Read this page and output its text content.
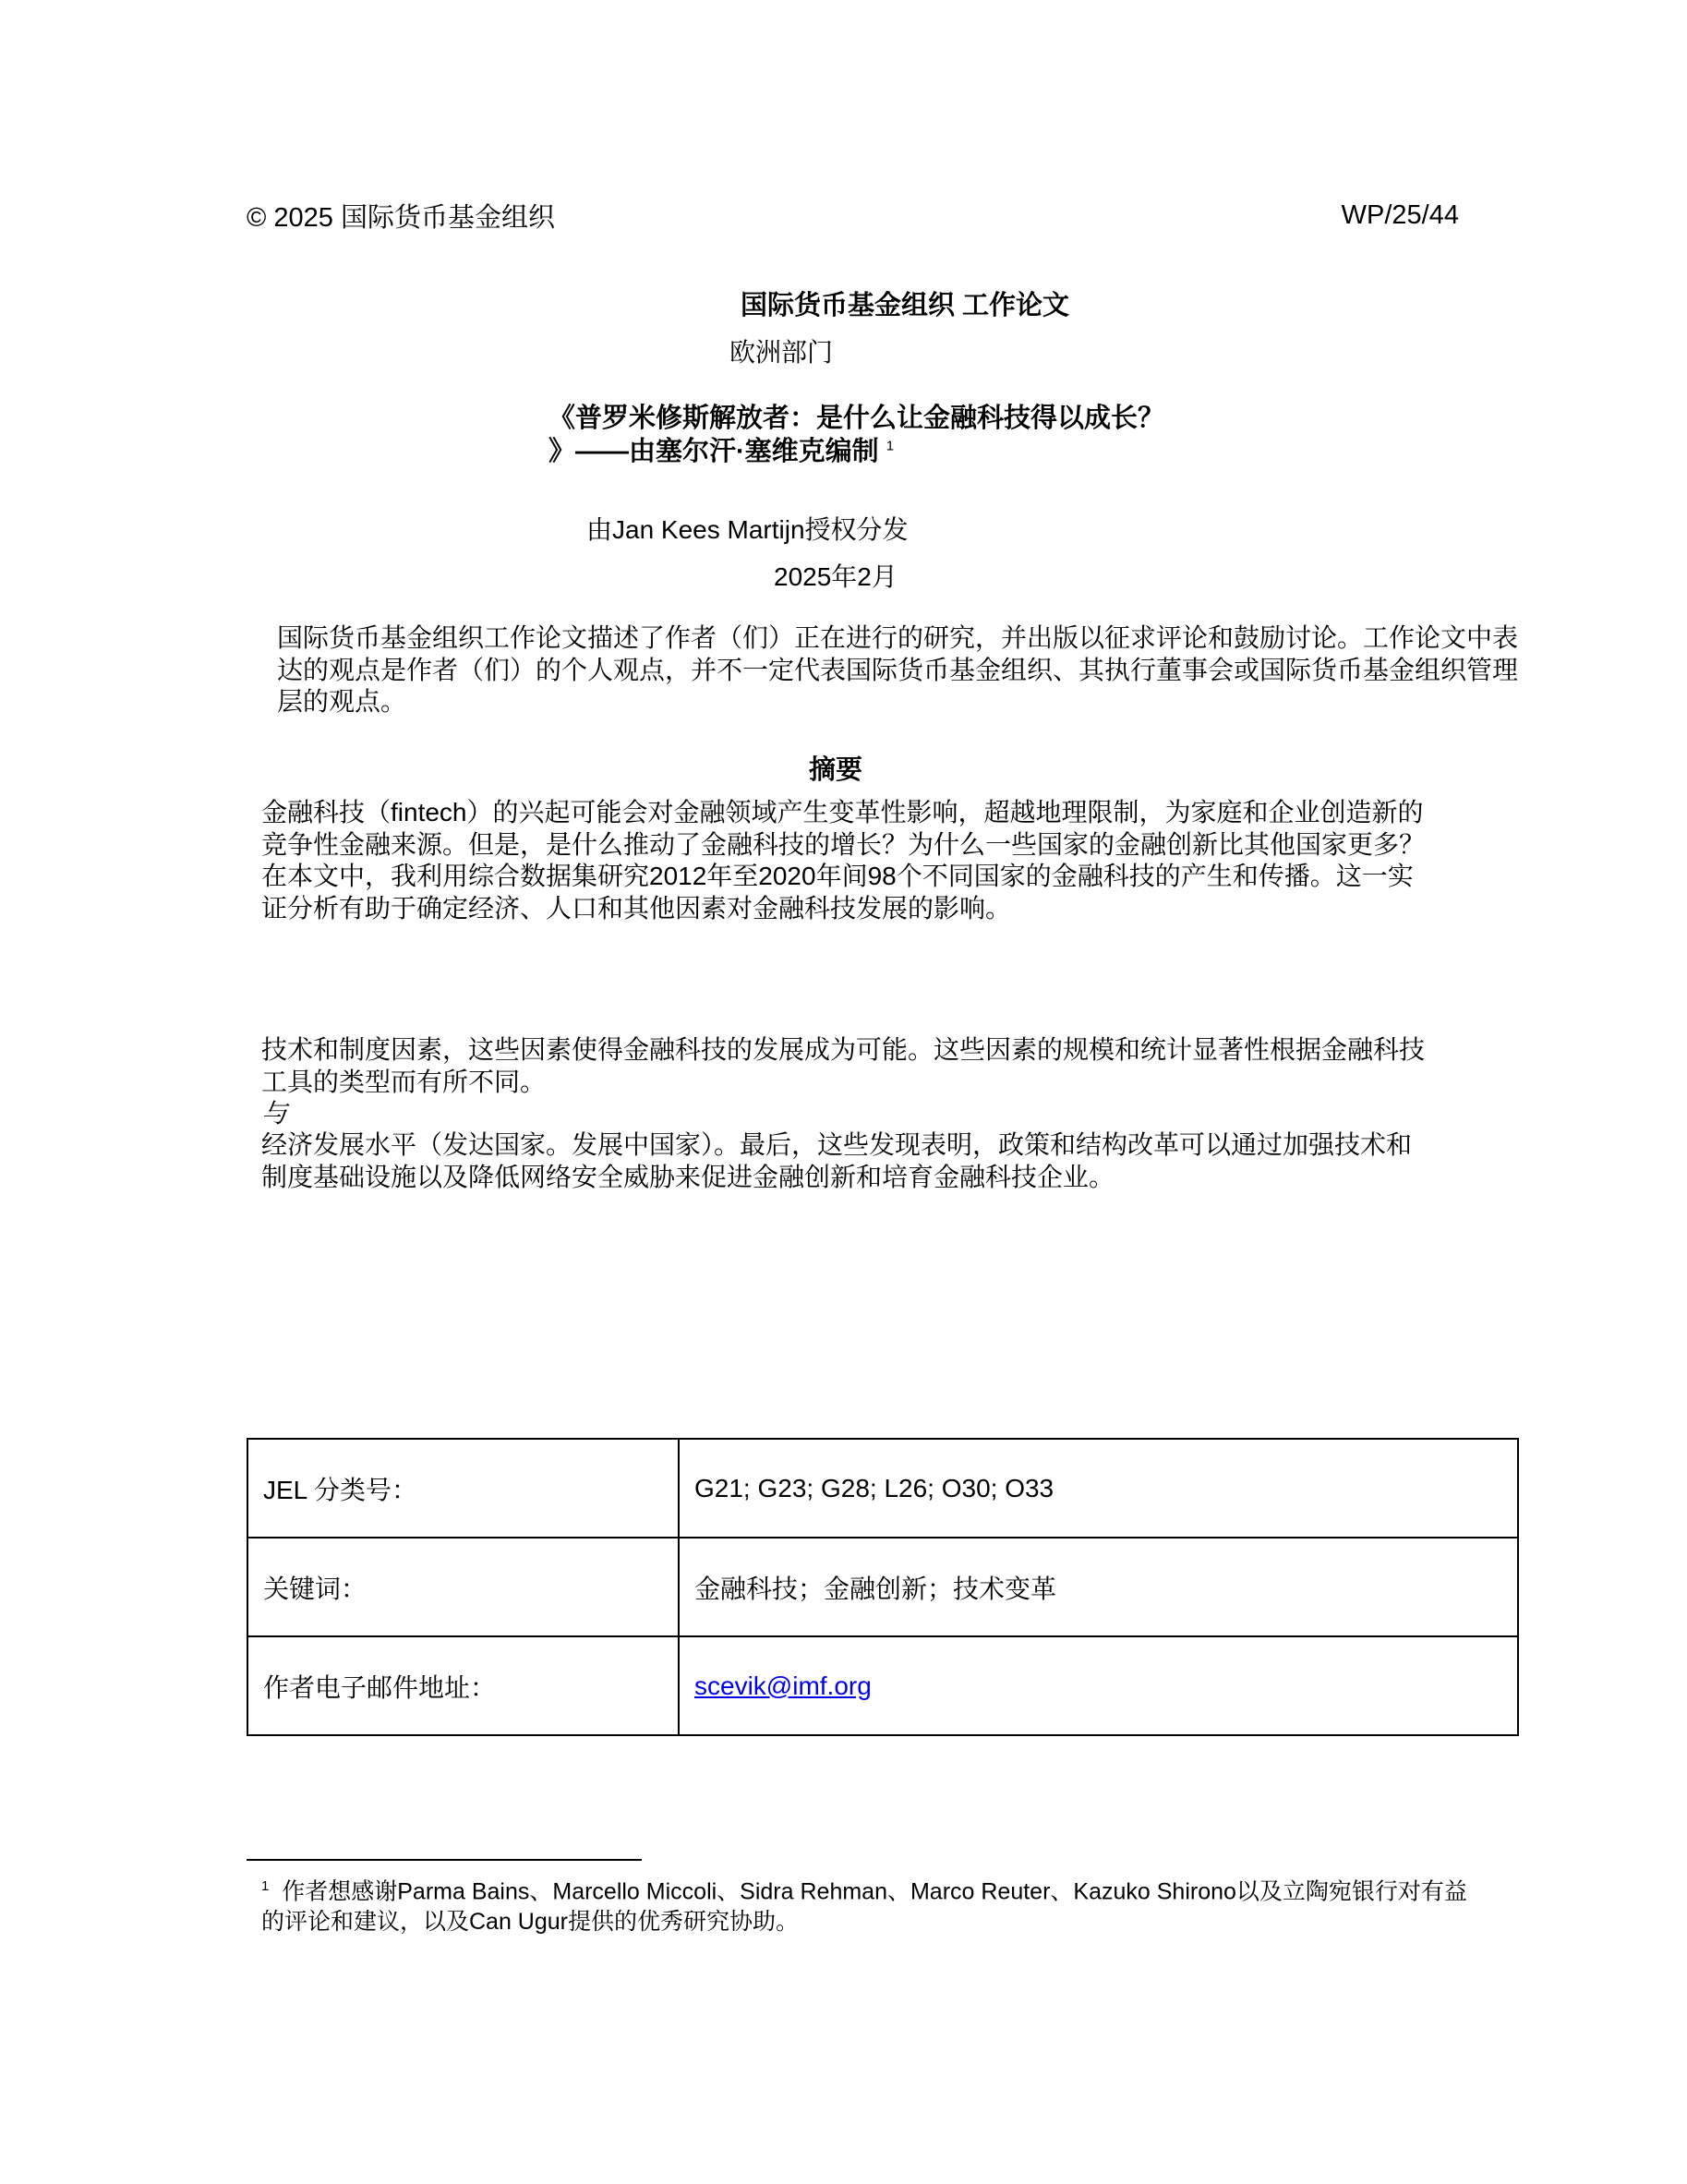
© 2025 国际货币基金组织	WP/25/44
国际货币基金组织 工作论文
欧洲部门
《普罗米修斯解放者：是什么让金融科技得以成长？
》——由塞尔汗·塞维克编制 $^1$
由Jan Kees Martijn授权分发
2025年2月
国际货币基金组织工作论文描述了作者（们）正在进行的研究，并出版以征求评论和鼓励讨论。工作论文中表达的观点是作者（们）的个人观点，并不一定代表国际货币基金组织、其执行董事会或国际货币基金组织管理层的观点。
摘要
金融科技（fintech）的兴起可能会对金融领域产生变革性影响，超越地理限制，为家庭和企业创造新的竞争性金融来源。但是，是什么推动了金融科技的增长？为什么一些国家的金融创新比其他国家更多？在本文中，我利用综合数据集研究2012年至2020年间98个不同国家的金融科技的产生和传播。这一实证分析有助于确定经济、人口和其他因素对金融科技发展的影响。
技术和制度因素，这些因素使得金融科技的发展成为可能。这些因素的规模和统计显著性根据金融科技工具的类型而有所不同。
与
经济发展水平（发达国家。发展中国家）。最后，这些发现表明，政策和结构改革可以通过加强技术和制度基础设施以及降低网络安全威胁来促进金融创新和培育金融科技企业。
JEL 分类号：	G21; G23; G28; L26; O30; O33
关键词：	金融科技；金融创新；技术变革
作者电子邮件地址：	scevik@imf.org
$^1$ 作者想感谢Parma Bains、Marcello Miccoli、Sidra Rehman、Marco Reuter、Kazuko Shirono以及立陶宛银行对有益的评论和建议，以及Can Ugur提供的优秀研究协助。
